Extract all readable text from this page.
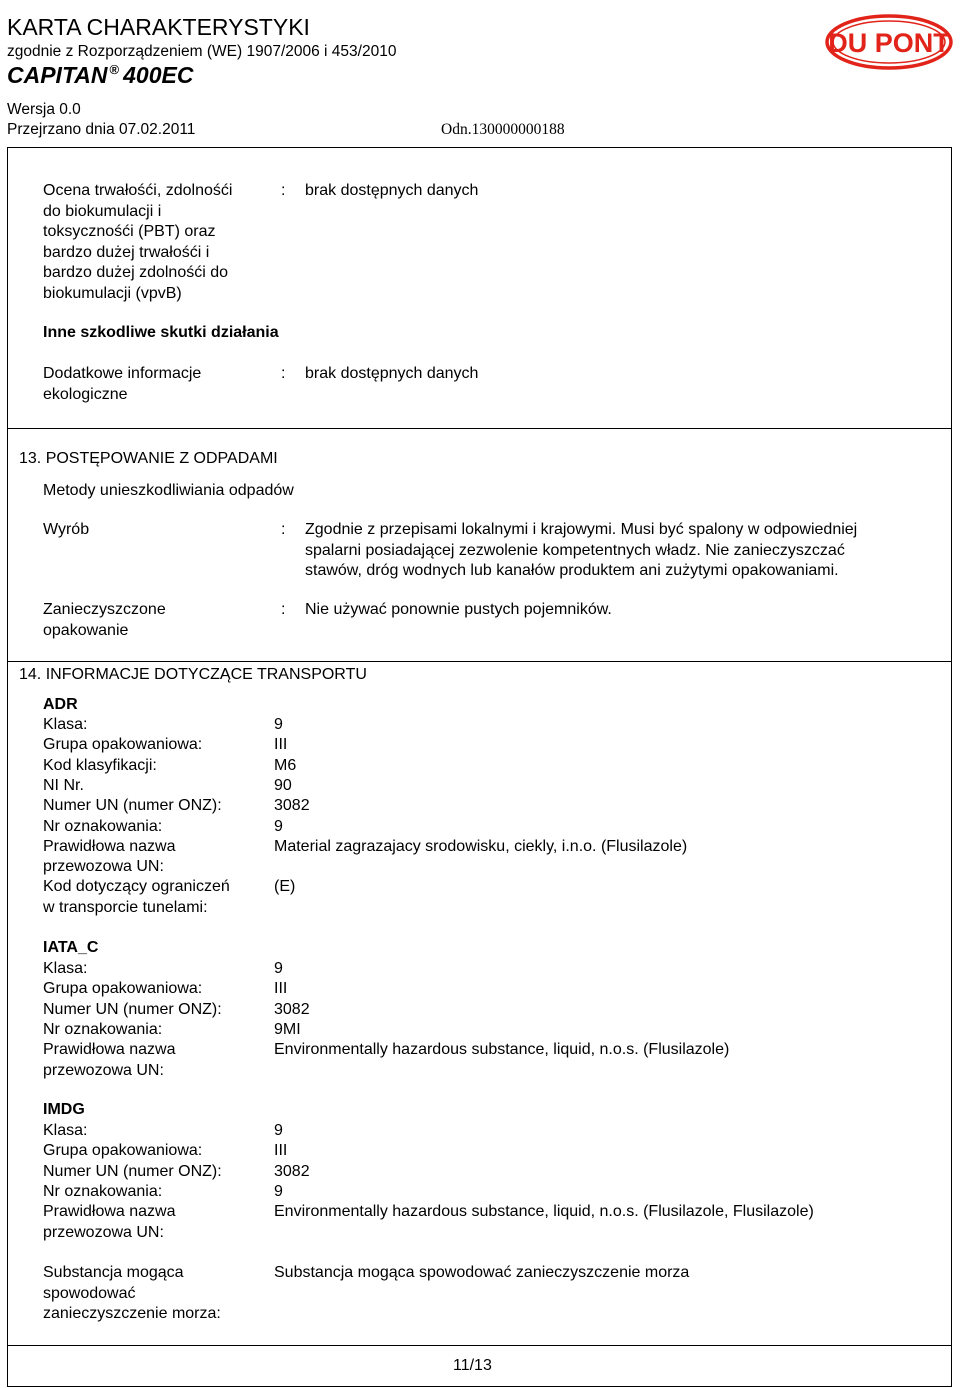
KARTA CHARAKTERYSTYKI
zgodnie z Rozporządzeniem (WE) 1907/2006 i 453/2010
CAPITAN ® 400EC
Wersja 0.0
Przejrzano dnia 07.02.2011	Odn.130000000188
DU PONT
Ocena trwałośći, zdolnośći
do biokumulacji i
toksycznośći (PBT) oraz
bardzo dużej trwałośći i
bardzo dużej zdolnośći do
biokumulacji (vpvB)
: brak dostępnych danych
Inne szkodliwe skutki działania
Dodatkowe informacje
ekologiczne
: brak dostępnych danych
13. POSTĘPOWANIE Z ODPADAMI
Metody unieszkodliwiania odpadów
Wyrób	: Zgodnie z przepisami lokalnymi i krajowymi. Musi być spalony w odpowiedniej
spalarni posiadającej zezwolenie kompetentnych władz. Nie zanieczyszczać
stawów, dróg wodnych lub kanałów produktem ani zużytymi opakowaniami.
Zanieczyszczone
opakowanie
: Nie używać ponownie pustych pojemników.
14. INFORMACJE DOTYCZĄCE TRANSPORTU
ADR
IATA_C
IMDG
11/13
Klasa:	9
Grupa opakowaniowa:	III
Kod klasyfikacji:	M6
NI Nr.	90
Numer UN (numer ONZ):	3082
Nr oznakowania:	9
Prawidłowa nazwa
przewozowa UN:
Material zagrazajacy srodowisku, ciekly, i.n.o. (Flusilazole)
Kod dotyczący ograniczeń
w transporcie tunelami:
(E)
Klasa:	9
Grupa opakowaniowa:	III
Numer UN (numer ONZ):	3082
Nr oznakowania:	9MI
Prawidłowa nazwa
przewozowa UN:
Environmentally hazardous substance, liquid, n.o.s. (Flusilazole)
Klasa:	9
Grupa opakowaniowa:	III
Numer UN (numer ONZ):	3082
Nr oznakowania:	9
Prawidłowa nazwa
przewozowa UN:
Environmentally hazardous substance, liquid, n.o.s. (Flusilazole, Flusilazole)
Substancja mogąca
spowodować
zanieczyszczenie morza:
Substancja mogąca spowodować zanieczyszczenie morza
